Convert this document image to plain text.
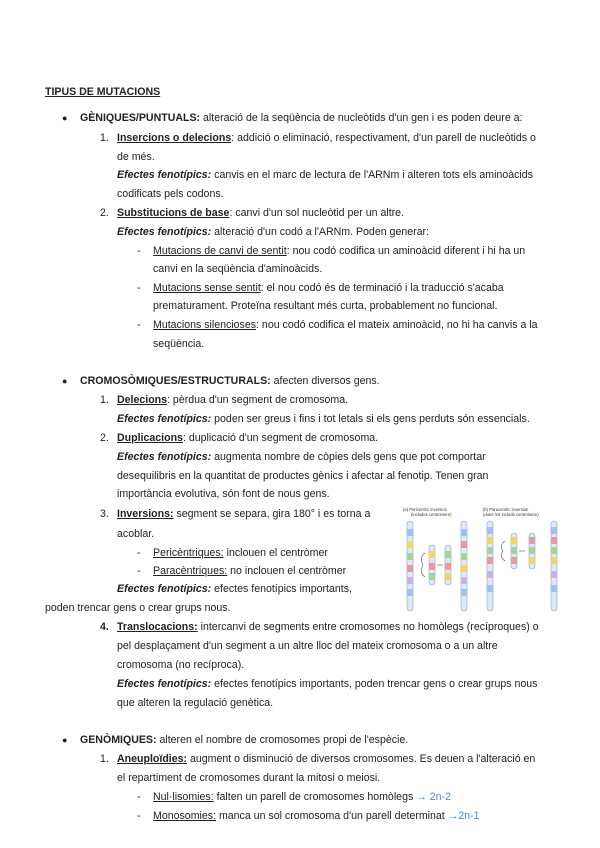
TIPUS DE MUTACIONS
● GÈNIQUES/PUNTUALS: alteració de la seqüència de nucleòtids d'un gen i es poden deure a:
1. Insercions o delecions: addició o eliminació, respectivament, d'un parell de nucleòtids o
de més.
Efectes fenotípics: canvis en el marc de lectura de l'ARNm i alteren tots els aminoàcids
codificats pels codons.
2. Substitucions de base: canvi d'un sol nucleòtid per un altre.
Efectes fenotípics: alteració d'un codó a l'ARNm. Poden generar:
- Mutacions de canvi de sentit: nou codó codifica un aminoàcid diferent i hi ha un
canvi en la seqüència d'aminoàcids.
- Mutacions sense sentit: el nou codó és de terminació i la traducció s'acaba
prematurament. Proteïna resultant més curta, probablement no funcional.
- Mutacions silencioses: nou codó codifica el mateix aminoàcid, no hi ha canvis a la
seqüència.
● CROMOSÒMIQUES/ESTRUCTURALS: afecten diversos gens.
1. Delecions: pèrdua d'un segment de cromosoma.
Efectes fenotípics: poden ser greus i fins i tot letals si els gens perduts són essencials.
2. Duplicacions: duplicació d'un segment de cromosoma.
Efectes fenotípics: augmenta nombre de còpies dels gens que pot comportar
desequilibris en la quantitat de productes gènics i afectar al fenotip. Tenen gran
importància evolutiva, són font de nous gens.
3. Inversions: segment se separa, gira 180° i es torna a
acoblar.
- Pericèntriques: inclouen el centròmer
- Paracèntriques: no inclouen el centròmer
Efectes fenotípics: efectes fenotípics importants,
poden trencar gens o crear grups nous.
(a) Pericentric inversion
(includes centromere)
(b) Paracentric inversion
(does not include centromere)
4. Translocacions: intercanvi de segments entre cromosomes no homòlegs (recíproques) o
pel desplaçament d'un segment a un altre lloc del mateix cromosoma o a un altre
cromosoma (no recíproca).
Efectes fenotípics: efectes fenotípics importants, poden trencar gens o crear grups nous
que alteren la regulació genètica.
● GENÒMIQUES: alteren el nombre de cromosomes propi de l'espècie.
1. Aneuploïdies: augment o disminució de diversos cromosomes. Es deuen a l'alteració en
el repartiment de cromosomes durant la mitosi o meiosi.
- Nul·lisomies: falten un parell de cromosomes homòlegs → 2n-2
- Monosomies: manca un sol cromosoma d'un parell determinat →2n-1
